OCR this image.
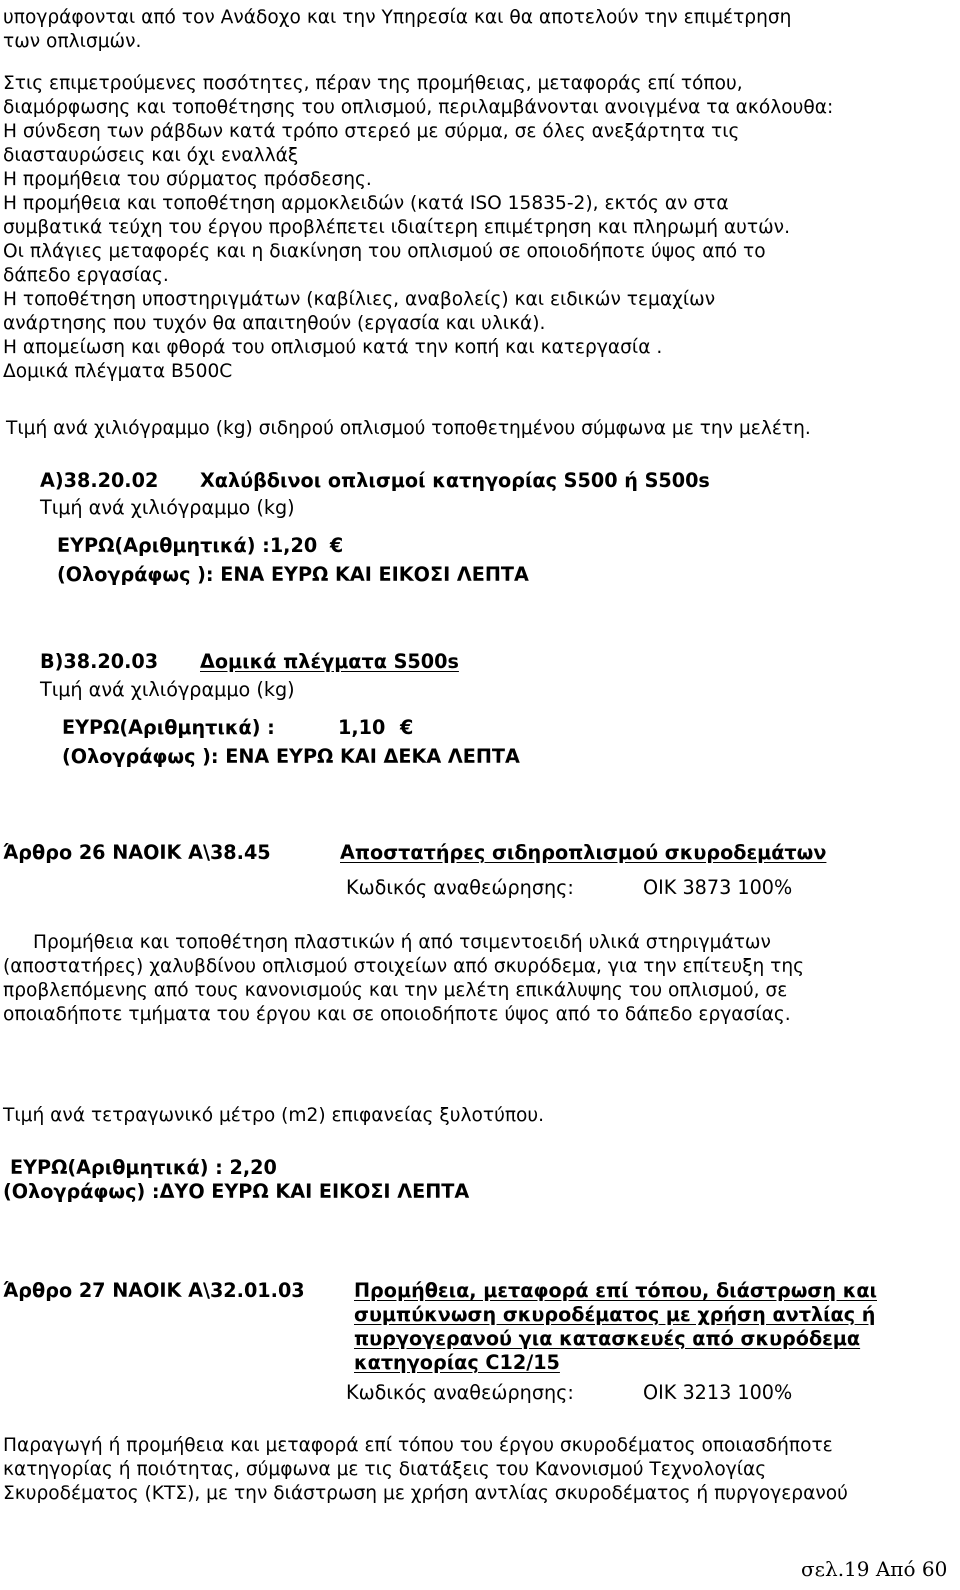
υπογράφονται από τον Ανάδοχο και την Υπηρεσία και θα αποτελούν την επιμέτρηση
των οπλισμών.
Στις επιμετρούμενες ποσότητες, πέραν της προμήθειας, μεταφοράς επί τόπου,
διαμόρφωσης και τοποθέτησης του οπλισμού, περιλαμβάνονται ανοιγμένα τα ακόλουθα:
Η σύνδεση των ράβδων κατά τρόπο στερεό με σύρμα, σε όλες ανεξάρτητα τις
διασταυρώσεις και όχι εναλλάξ
Η προμήθεια του σύρματος πρόσδεσης.
Η προμήθεια και τοποθέτηση αρμοκλειδών (κατά ISO 15835-2), εκτός αν στα
συμβατικά τεύχη του έργου προβλέπετει ιδιαίτερη επιμέτρηση και πληρωμή αυτών.
Οι πλάγιες μεταφορές και η διακίνηση του οπλισμού σε οποιοδήποτε ύψος από το
δάπεδο εργασίας.
Η τοποθέτηση υποστηριγμάτων (καβίλιες, αναβολείς) και ειδικών τεμαχίων
ανάρτησης που τυχόν θα απαιτηθούν (εργασία και υλικά).
Η απομείωση και φθορά του οπλισμού κατά την κοπή και κατεργασία .
Δομικά πλέγματα B500C
Τιμή ανά χιλιόγραμμο (kg) σιδηρού οπλισμού τοποθετημένου σύμφωνα με την μελέτη.
Α)38.20.02 Χαλύβδινοι οπλισμοί κατηγορίας S500 ή S500s
Τιμή ανά χιλιόγραμμο (kg)
ΕΥΡΩ(Αριθμητικά) :1,20 €
(Ολογράφως ): ΕΝΑ ΕΥΡΩ ΚΑΙ ΕΙΚΟΣΙ ΛΕΠΤΑ
Β)38.20.03 Δομικά πλέγματα S500s
Τιμή ανά χιλιόγραμμο (kg)
ΕΥΡΩ(Αριθμητικά) :	1,10 €
(Ολογράφως ): ΕΝΑ ΕΥΡΩ ΚΑΙ ΔΕΚΑ ΛΕΠΤΑ
Άρθρο 26 ΝΑΟΙΚ Α\38.45	Αποστατήρες σιδηροπλισμού σκυροδεμάτων
Κωδικός αναθεώρησης:	ΟΙΚ 3873 100%
Προμήθεια και τοποθέτηση πλαστικών ή από τσιμεντοειδή υλικά στηριγμάτων
(αποστατήρες) χαλυβδίνου οπλισμού στοιχείων από σκυρόδεμα, για την επίτευξη της
προβλεπόμενης από τους κανονισμούς και την μελέτη επικάλυψης του οπλισμού, σε
οποιαδήποτε τμήματα του έργου και σε οποιοδήποτε ύψος από το δάπεδο εργασίας.
Τιμή ανά τετραγωνικό μέτρο (m2) επιφανείας ξυλοτύπου.
ΕΥΡΩ(Αριθμητικά) : 2,20
(Ολογράφως) :ΔΥΟ ΕΥΡΩ ΚΑΙ ΕΙΚΟΣΙ ΛΕΠΤΑ
Άρθρο 27 ΝΑΟΙΚ Α\32.01.03	Προμήθεια, μεταφορά επί τόπου, διάστρωση και
συμπύκνωση σκυροδέματος με χρήση αντλίας ή
πυργογερανού για κατασκευές από σκυρόδεμα
κατηγορίας C12/15
Κωδικός αναθεώρησης:	ΟΙΚ 3213 100%
Παραγωγή ή προμήθεια και μεταφορά επί τόπου του έργου σκυροδέματος οποιασδήποτε
κατηγορίας ή ποιότητας, σύμφωνα με τις διατάξεις του Κανονισμού Τεχνολογίας
Σκυροδέματος (ΚΤΣ), με την διάστρωση με χρήση αντλίας σκυροδέματος ή πυργογερανού
σελ.19 Από 60
